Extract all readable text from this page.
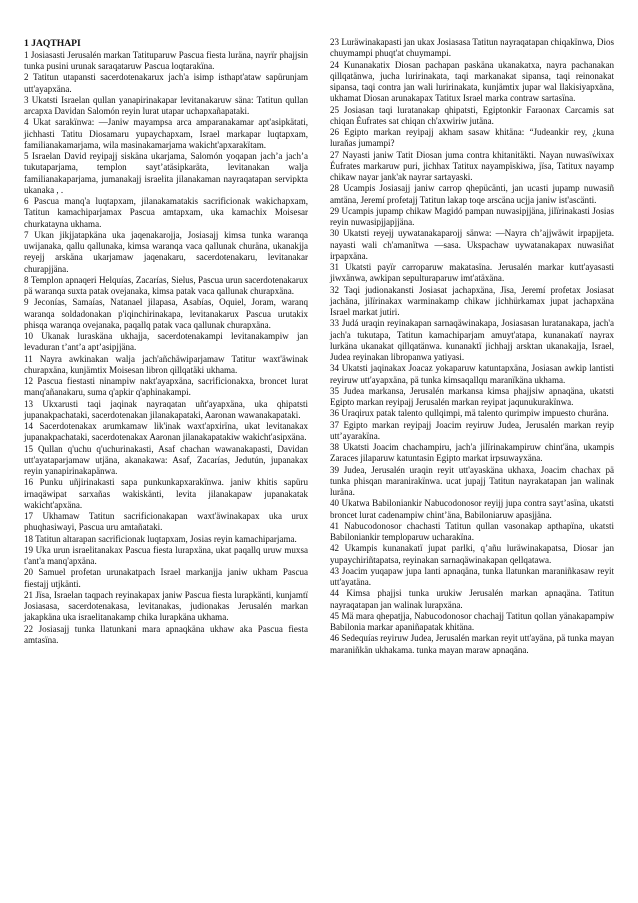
1 JAQTHAPI

1 Josiasasti Jerusalén markan Tatituparuw Pascua fiesta luräna, nayrïr phajjsin tunka pusini urunak saraqataruw Pascua loqtarakïna.

2 Tatitun utapansti sacerdotenakarux jach'a isimp isthapt'ataw sapürunjam utt'ayapxäna.

3 Ukatsti Israelan qullan yanapirinakapar levitanakaruw säna: Tatitun qullan arcapxa Davidan Salomón reyin lurat utapar uchapxañapataki.

4 Ukat sarakïnwa: —Janiw mayampsa arca amparanakamar apt'asipkätati, jichhasti Tatitu Diosamaru yupaychapxam, Israel markapar luqtapxam, familianakamarjama, wila masinakamarjama wakicht'apxarakïtam.

5 Israelan David reyipajj siskäna ukarjama, Salomón yoqapan jach’a jach’a tukutaparjama, templon sayt’atäsipkaräta, levitanakan walja familianakaparjama, jumanakajj israelita jilanakaman nayraqatapan servipkta ukanaka , .

6 Pascua manq'a luqtapxam, jilanakamatakis sacrificionak wakichapxam, Tatitun kamachiparjamax Pascua amtapxam, uka kamachix Moisesar churkatayna ukhama.

7 Ukan jikjjatapkäna uka jaqenakarojja, Josiasajj kimsa tunka waranqa uwijanaka, qallu qallunaka, kimsa waranqa vaca qallunak churäna, ukanakjja reyejj arskäna ukarjamaw jaqenakaru, sacerdotenakaru, levitanakar churapjjäna.

8 Templon apnaqeri Helquías, Zacarías, Sielus, Pascua urun sacerdotenakarux pä waranqa suxta patak ovejanaka, kimsa patak vaca qallunak churapxäna.

9 Jeconías, Samaías, Natanael jilapasa, Asabías, Oquiel, Joram, waranq waranqa soldadonakan p'iqinchirinakapa, levitanakarux Pascua urutakix phisqa waranqa ovejanaka, paqallq patak vaca qallunak churapxäna.

10 Ukanak luraskäna ukhajja, sacerdotenakampi levitanakampiw jan levaduran t’ant’a apt’asipjjäna.

11 Nayra awkinakan walja jach'añchäwiparjamaw Tatitur waxt'äwinak churapxäna, kunjämtix Moisesan libron qillqatäki ukhama.

12 Pascua fiestasti ninampiw nakt'ayapxäna, sacrificionakxa, broncet lurat manq'añanakaru, suma q'apkir q'aphinakampi.

13 Ukxarusti taqi jaqinak nayraqatan uñt'ayapxäna, uka qhipatsti jupanakpachataki, sacerdotenakan jilanakapataki, Aaronan wawanakapataki.

14 Sacerdotenakax arumkamaw lik'inak waxt'apxirïna, ukat levitanakax jupanakpachataki, sacerdotenakax Aaronan jilanakapatakiw wakicht'asipxäna.

15 Qullan q'uchu q'uchurinakasti, Asaf chachan wawanakapasti, Davidan utt'ayataparjamaw utjäna, akanakawa: Asaf, Zacarías, Jedutún, jupanakax reyin yanapirinakapänwa.

16 Punku uñjirinakasti sapa punkunkapxarakïnwa. janiw khitis sapüru irnaqäwipat sarxañas wakiskänti, levita jilanakapaw jupanakatak wakicht'apxäna.

17 Ukhamaw Tatitun sacrificionakapan waxt'äwinakapax uka urux phuqhasiwayi, Pascua uru amtañataki.

18 Tatitun altarapan sacrificionak luqtapxam, Josias reyin kamachiparjama.

19 Uka urun israelitanakax Pascua fiesta lurapxäna, ukat paqallq uruw muxsa t'ant'a manq'apxäna.

20 Samuel profetan urunakatpach Israel markanjja janiw ukham Pascua fiestajj utjkänti.

21 Jïsa, Israelan taqpach reyinakapax janiw Pascua fiesta lurapkänti, kunjamtï Josiasasa, sacerdotenakasa, levitanakas, judionakas Jerusalén markan jakapkäna uka israelitanakamp chika lurapkäna ukhama.

22 Josiasajj tunka llatunkani mara apnaqkäna ukhaw aka Pascua fiesta amtasïna.

23 Luräwinakapasti jan ukax Josiasasa Tatitun nayraqatapan chiqakïnwa, Dios chuymampi phuqt'at chuymampi.

24 Kunanakatix Diosan pachapan paskäna ukanakatxa, nayra pachanakan qillqatänwa, jucha luririnakata, taqi markanakat sipansa, taqi reinonakat sipansa, taqi contra jan wali luririnakata, kunjämtix jupar wal llakisiyapxäna, ukhamat Diosan arunakapax Tatitux Israel marka contraw sartasïna.

25 Josiasan taqi luratanakap qhipatsti, Egiptonkir Faraonax Carcamis sat chiqan Éufrates sat chiqan ch'axwiriw jutäna.

26 Egipto markan reyipajj akham sasaw khitäna: “Judeankir rey, ¿kuna luraňas jumampi?

27 Nayasti janiw Tatit Diosan juma contra khitanitäkti. Nayan nuwasïwixax Éufrates markaruw puri, jichhax Tatitux nayampïskiwa, jïsa, Tatitux nayamp chikaw nayar jank'ak nayrar sartayaski.

28 Ucampis Josiasajj janiw carrop qhepücänti, jan ucasti jupamp nuwasiñ amtäna, Jeremí profetajj Tatitun lakap toqe arscäna ucjja janiw ist'ascänti.

29 Ucampis jupamp chikaw Magidó pampan nuwasipjjäna, jilïrinakasti Josias reyin nuwasipjjapjjäna.

30 Ukatsti reyejj uywatanakaparojj sänwa: —Nayra ch’ajjwäwit irpapjjeta. nayasti wali ch'amanïtwa —sasa. Ukspachaw uywatanakapax nuwasiñat irpapxäna.

31 Ukatsti payïr carroparuw makatasïna. Jerusalén markar kutt'ayasasti jiwxänwa, awkipan sepulturaparuw imt'atäxäna.

32 Taqi judionakansti Josiasat jachapxäna, Jïsa, Jeremí profetax Josiasat jachäna, jilïrinakax warminakamp chikaw jichhürkamax jupat jachapxäna Israel markat jutiri.

33 Judá uraqin reyinakapan sarnaqäwinakapa, Josiasasan luratanakapa, jach'a jach'a tukutapa, Tatitun kamachiparjam amuyt'atapa, kunanakatï nayrax lurkäna ukanakat qillqatänwa. kunanaktï jichhajj arsktan ukanakajja, Israel, Judea reyinakan libropanwa yatiyasi.

34 Ukatsti jaqinakax Joacaz yokaparuw katuntapxäna, Josiasan awkip lantisti reyiruw utt'ayapxäna, pä tunka kimsaqallqu maranïkäna ukhama.

35 Judea markansa, Jerusalén markansa kimsa phajjsiw apnaqäna, ukatsti Egipto markan reyipajj Jerusalén markan reyipat jaqunukurakïnwa.

36 Uraqirux patak talento qullqimpi, mä talento qurimpiw impuesto churäna.

37 Egipto markan reyipajj Joacim reyiruw Judea, Jerusalén markan reyip utt’ayarakïna.

38 Ukatsti Joacim chachampiru, jach'a jilïrinakampiruw chint'äna, ukampis Zaraces jilaparuw katuntasin Egipto markat irpsuwayxäna.

39 Judea, Jerusalén uraqin reyit utt'ayaskäna ukhaxa, Joacim chachax pä tunka phisqan maranirakïnwa. ucat jupajj Tatitun nayrakatapan jan walinak luräna.

40 Ukatwa Babiloniankir Nabucodonosor reyijj jupa contra sayt’asïna, ukatsti broncet lurat cadenampiw chint’äna, Babiloniaruw apasjjäna.

41 Nabucodonosor chachasti Tatitun qullan vasonakap apthapïna, ukatsti Babiloniankir temploparuw ucharakïna.

42 Ukampis kunanakatï jupat parlki, q’añu luräwinakapatsa, Diosar jan yupaychiriñtapatsa, reyinakan sarnaqäwinakapan qellqatawa.

43 Joacim yuqapaw jupa lanti apnaqäna, tunka llatunkan maraniñkasaw reyit utt'ayatäna.

44 Kimsa phajjsi tunka urukiw Jerusalén markan apnaqäna. Tatitun nayraqatapan jan walinak lurapxäna.

45 Mä mara qhepatjja, Nabucodonosor chachajj Tatitun qollan yänakapampiw Babilonia markar apaniñapatak khitäna.

46 Sedequías reyiruw Judea, Jerusalén markan reyit utt'ayäna, pä tunka mayan maraniñkän ukhakama. tunka mayan maraw apnaqäna.
